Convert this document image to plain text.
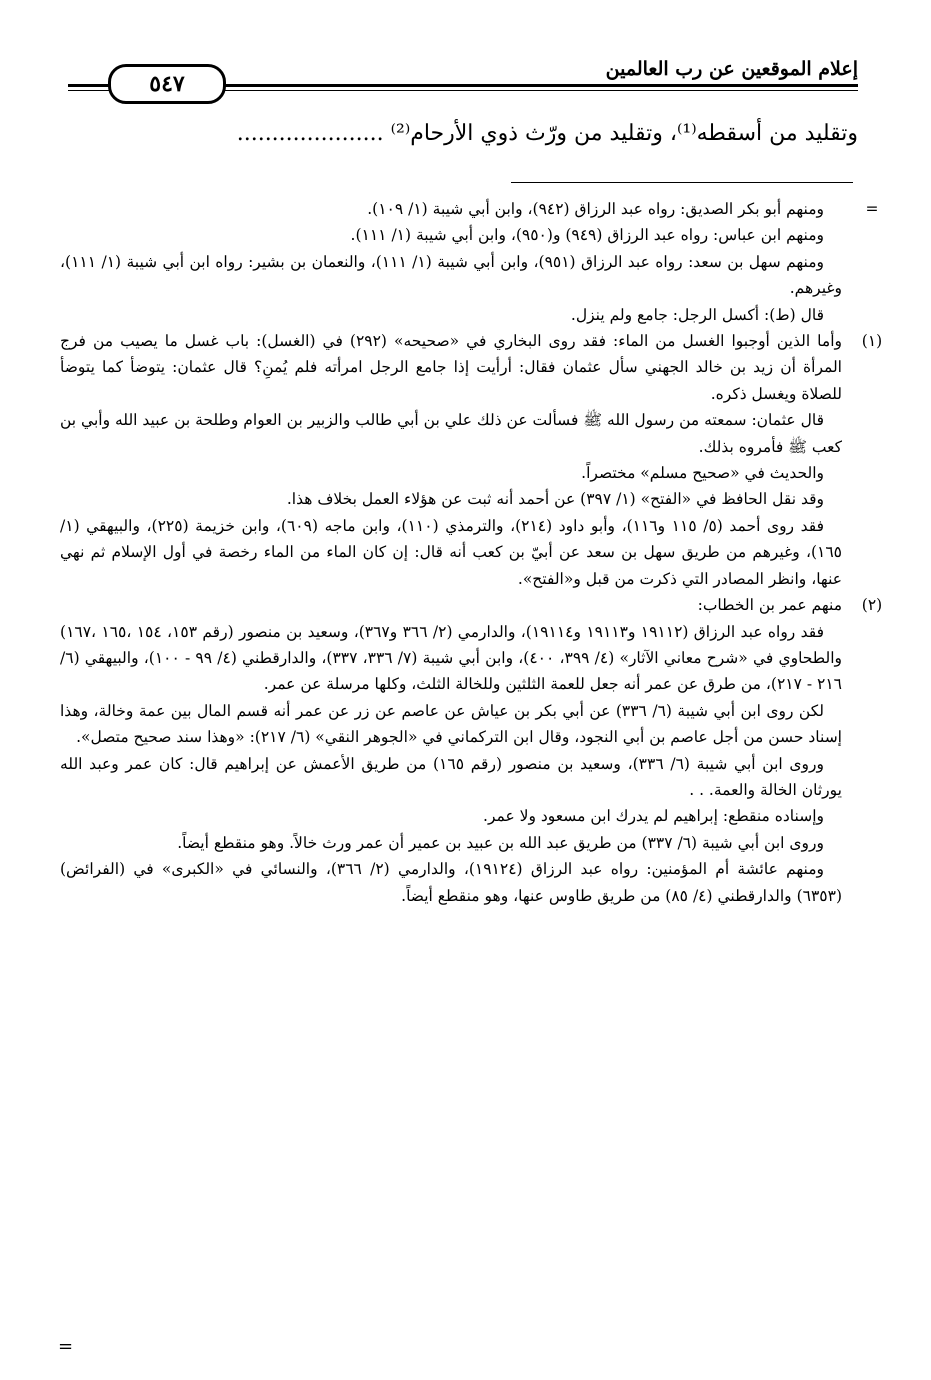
٥٤٧
إعلام الموقعين عن رب العالمين
وتقليد من أسقطه⁽¹⁾، وتقليد من ورّث ذوي الأرحام⁽²⁾ .....................
=

ومنهم أبو بكر الصديق: رواه عبد الرزاق (٩٤٢)، وابن أبي شيبة (١/ ١٠٩).

ومنهم ابن عباس: رواه عبد الرزاق (٩٤٩) و(٩٥٠)، وابن أبي شيبة (١/ ١١١).

ومنهم سهل بن سعد: رواه عبد الرزاق (٩٥١)، وابن أبي شيبة (١/ ١١١)، والنعمان بن بشير: رواه ابن أبي شيبة (١/ ١١١)، وغيرهم.

قال (ط): أكسل الرجل: جامع ولم ينزل.

(١)

وأما الذين أوجبوا الغسل من الماء: فقد روى البخاري في «صحيحه» (٢٩٢) في (الغسل): باب غسل ما يصيب من فرج المرأة أن زيد بن خالد الجهني سأل عثمان فقال: أرأيت إذا جامع الرجل امرأته فلم يُمنِ؟ قال عثمان: يتوضأ كما يتوضأ للصلاة ويغسل ذكره.

قال عثمان: سمعته من رسول الله ﷺ فسألت عن ذلك علي بن أبي طالب والزبير بن العوام وطلحة بن عبيد الله وأبي بن كعب ﷺ فأمروه بذلك.

والحديث في «صحيح مسلم» مختصراً.

وقد نقل الحافظ في «الفتح» (١/ ٣٩٧) عن أحمد أنه ثبت عن هؤلاء العمل بخلاف هذا.

فقد روى أحمد (٥/ ١١٥ و١١٦)، وأبو داود (٢١٤)، والترمذي (١١٠)، وابن ماجه (٦٠٩)، وابن خزيمة (٢٢٥)، والبيهقي (١/ ١٦٥)، وغيرهم من طريق سهل بن سعد عن أبيّ بن كعب أنه قال: إن كان الماء من الماء رخصة في أول الإسلام ثم نهي عنها، وانظر المصادر التي ذكرت من قبل و«الفتح».

(٢)

منهم عمر بن الخطاب:

فقد رواه عبد الرزاق (١٩١١٢ و١٩١١٣ و١٩١١٤)، والدارمي (٢/ ٣٦٦ و٣٦٧)، وسعيد بن منصور (رقم ١٥٣، ١٥٤ ،١٦٥ ،١٦٧) والطحاوي في «شرح معاني الآثار» (٤/ ٣٩٩، ٤٠٠)، وابن أبي شيبة (٧/ ٣٣٦، ٣٣٧)، والدارقطني (٤/ ٩٩ - ١٠٠)، والبيهقي (٦/ ٢١٦ - ٢١٧)، من طرق عن عمر أنه جعل للعمة الثلثين وللخالة الثلث، وكلها مرسلة عن عمر.

لكن روى ابن أبي شيبة (٦/ ٣٣٦) عن أبي بكر بن عياش عن عاصم عن زر عن عمر أنه قسم المال بين عمة وخالة، وهذا إسناد حسن من أجل عاصم بن أبي النجود، وقال ابن التركماني في «الجوهر النقي» (٦/ ٢١٧): «وهذا سند صحيح متصل».

وروى ابن أبي شيبة (٦/ ٣٣٦)، وسعيد بن منصور (رقم ١٦٥) من طريق الأعمش عن إبراهيم قال: كان عمر وعبد الله يورثان الخالة والعمة. . .

وإسناده منقطع: إبراهيم لم يدرك ابن مسعود ولا عمر.

وروى ابن أبي شيبة (٦/ ٣٣٧) من طريق عبد الله بن عبيد بن عمير أن عمر ورث خالاً. وهو منقطع أيضاً.

ومنهم عائشة أم المؤمنين: رواه عبد الرزاق (١٩١٢٤)، والدارمي (٢/ ٣٦٦)، والنسائي في «الكبرى» في (الفرائض) (٦٣٥٣) والدارقطني (٤/ ٨٥) من طريق طاوس عنها، وهو منقطع أيضاً.

=
